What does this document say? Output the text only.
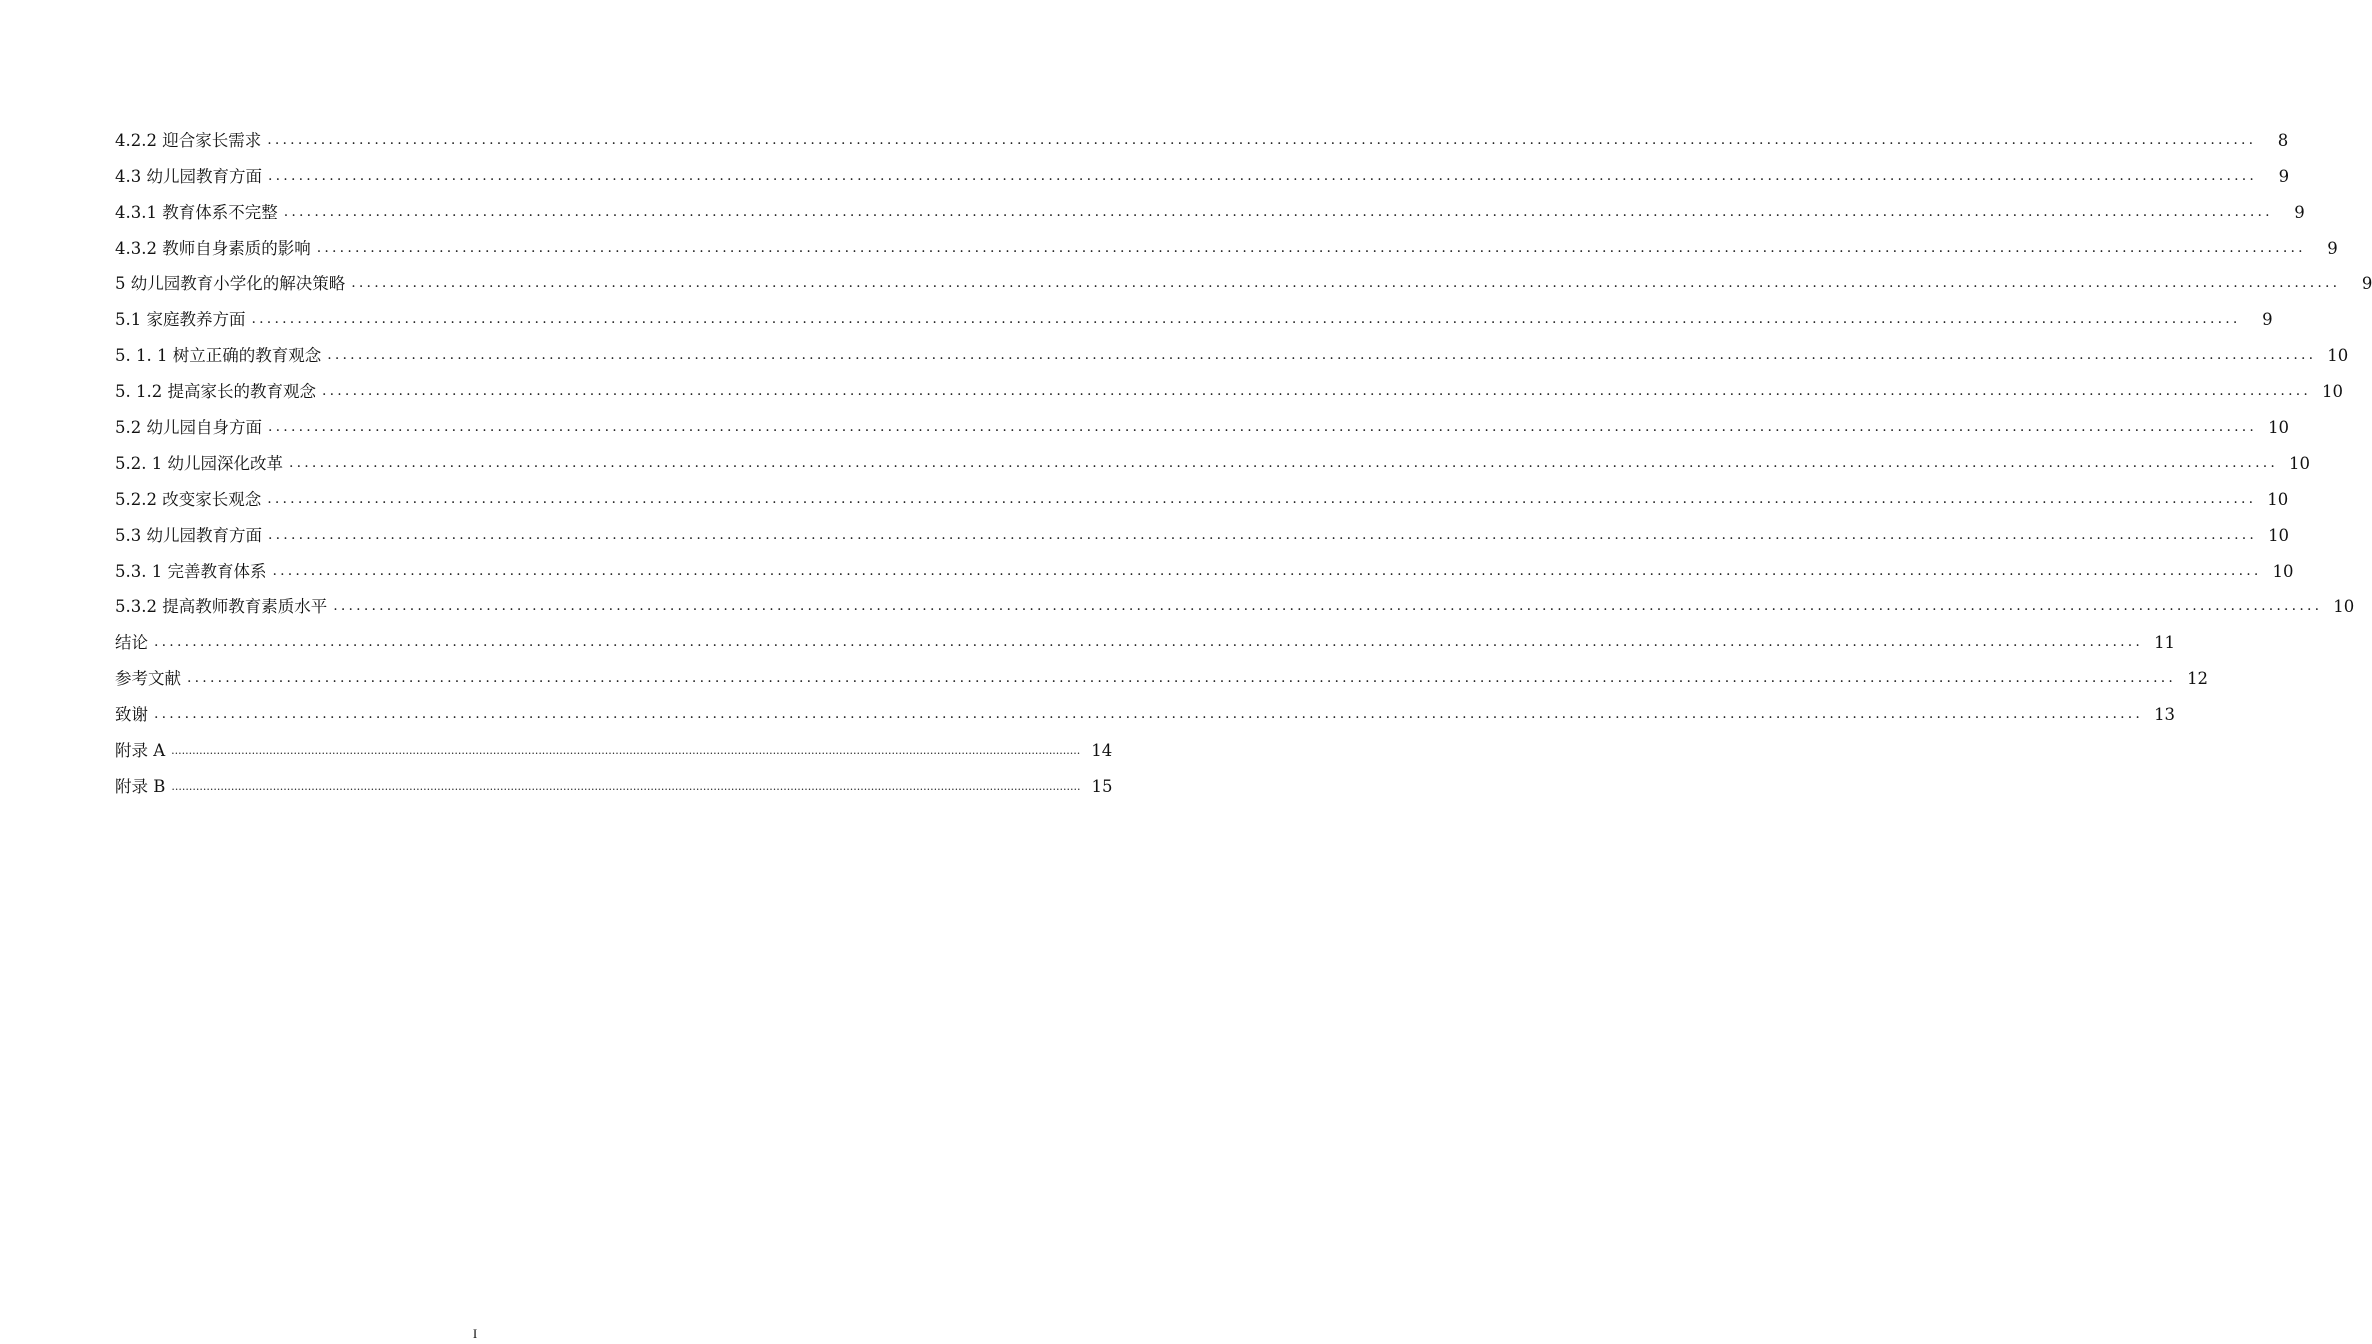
4.2.2 迎合家长需求 ....................................................................................................................................................................................................................................................................	8
4.3 幼儿园教育方面 ....................................................................................................................................................................................................................................................................	9
4.3.1 教育体系不完整 ....................................................................................................................................................................................................................................................................	9
4.3.2 教师自身素质的影响 ....................................................................................................................................................................................................................................................................	9
5 幼儿园教育小学化的解决策略 ....................................................................................................................................................................................................................................................................	9
5.1 家庭教养方面 ....................................................................................................................................................................................................................................................................	9
5. 1. 1 树立正确的教育观念 .................................................................................................................................................................................................................................................................... 10
5. 1.2 提高家长的教育观念 .................................................................................................................................................................................................................................................................... 10
5.2 幼儿园自身方面 .................................................................................................................................................................................................................................................................... 10
5.2. 1 幼儿园深化改革 .................................................................................................................................................................................................................................................................... 10
5.2.2 改变家长观念 .................................................................................................................................................................................................................................................................... 10
5.3 幼儿园教育方面 .................................................................................................................................................................................................................................................................... 10
5.3. 1 完善教育体系 .................................................................................................................................................................................................................................................................... 10
5.3.2 提高教师教育素质水平 .................................................................................................................................................................................................................................................................... 10
结论 .................................................................................................................................................................................................................................................................... 11
参考文献 .................................................................................................................................................................................................................................................................... 12
致谢 .................................................................................................................................................................................................................................................................... 13
附录 A .................................................................................................................................................................................................................................................................... 14
附录 B .................................................................................................................................................................................................................................................................... 15
I
